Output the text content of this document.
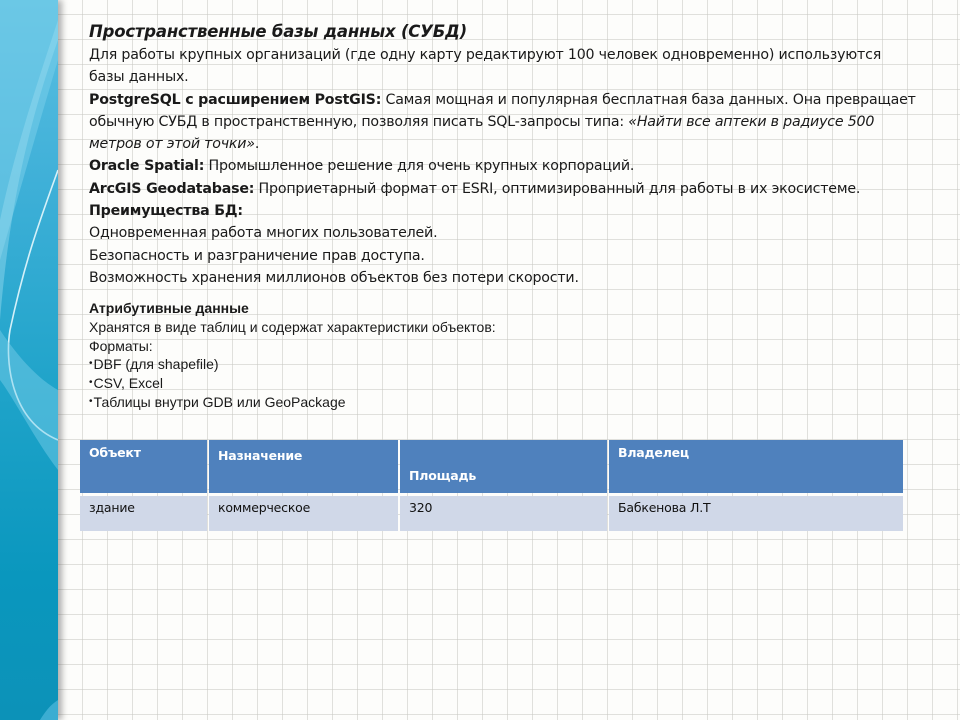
Пространственные базы данных (СУБД)
Для работы крупных организаций (где одну карту редактируют 100 человек одновременно) используются базы данных.
PostgreSQL с расширением PostGIS: Самая мощная и популярная бесплатная база данных. Она превращает обычную СУБД в пространственную, позволяя писать SQL-запросы типа: «Найти все аптеки в радиусе 500 метров от этой точки».
Oracle Spatial: Промышленное решение для очень крупных корпораций.
ArcGIS Geodatabase: Проприетарный формат от ESRI, оптимизированный для работы в их экосистеме.
Преимущества БД:
Одновременная работа многих пользователей.
Безопасность и разграничение прав доступа.
Возможность хранения миллионов объектов без потери скорости.
Атрибутивные данные
Хранятся в виде таблиц и содержат характеристики объектов:
Форматы:
•DBF (для shapefile)
•CSV, Excel
•Таблицы внутри GDB или GeoPackage
Объект	Назначение	Площадь	Владелец
здание	коммерческое	320	Бабкенова Л.Т
